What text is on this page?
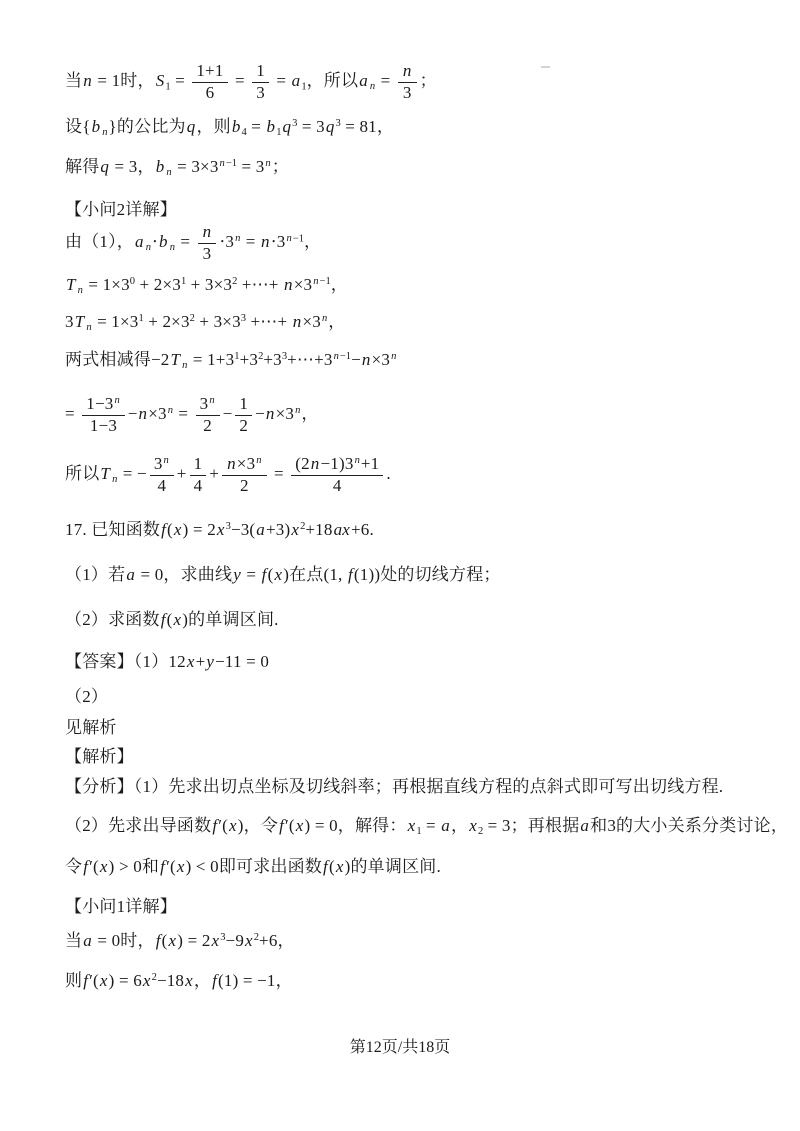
当n = 1时，$S_1 = \frac{1+1}{6} = \frac{1}{3} = a_1$，所以a $_n = \frac{n}{3}$ ；
设{b $_n$}的公比为q，则$b_4 = b_1q^3 = 3q^3 = 81$，
解得q = 3，b $_n = 3\times 3^{n-1} = 3^n$；
【小问2详解】
由（1），a $_n$⋅b $_n = \frac{n}{3} \cdot 3^n = n\cdot 3^{n-1}$，
T $_n = 1\times 3^0 + 2\times 3^1 + 3\times 3^2$ +⋯+ $n\times 3^{n-1}$，
3T $_n = 1\times 3^1 + 2\times 3^2 + 3\times 3^3$ +⋯+ $n\times 3^n$，
两式相减得−2T $_n = 1+3^1+3^2+3^3+\cdots+3^{n-1}-n\times 3^n$
= $\frac{1-3^n}{1-3} -n\times 3^n = \frac{3^n}{2} - \frac{1}{2} -n\times 3^n$，
所以T $_n$ = − $\frac{3^n}{4} + \frac{1}{4} + \frac{n\times 3^n}{2} = \frac{(2n-1)3^n+1}{4}$ .
17. 已知函数$f(x) = 2x^3-3(a+3)x^2+18ax+6$.
（1）若a = 0，求曲线y = f(x)在点(1, f(1))处的切线方程；
（2）求函数f(x)的单调区间.
【答案】（1）12x+y−11 = 0
（2）
见解析
【解析】
【分析】（1）先求出切点坐标及切线斜率；再根据直线方程的点斜式即可写出切线方程.
（2）先求出导函数f′(x)，令f′(x) = 0，解得：$x_1 = a$，$x_2 = 3$；再根据a和3的大小关系分类讨论，
令f′(x) > 0和f′(x) < 0即可求出函数f(x)的单调区间.
【小问1详解】
当a = 0时，$f(x) = 2x^3-9x^2+6$，
则$f'(x) = 6x^2-18x$，f(1) = −1，
第12页/共18页
